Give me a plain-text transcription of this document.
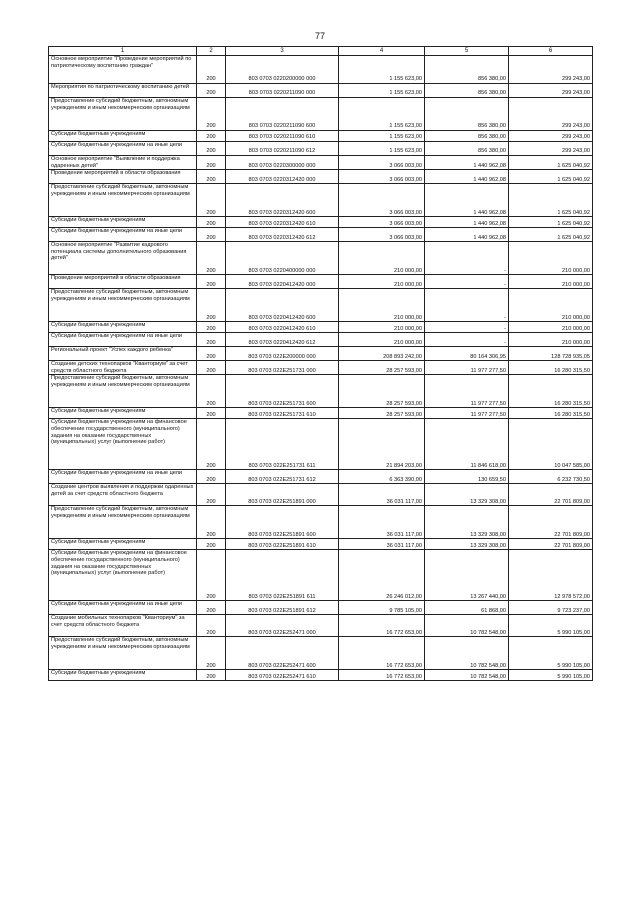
77
1	2	3	4	5	6
Основное мероприятие "Проведение мероприятий по патриотическому воспитанию граждан"	200	803 0703 0220200000 000	1 155 623,00	856 380,00	299 243,00
Мероприятия по патриотическому воспитанию детей	200	803 0703 0220211090 000	1 155 623,00	856 380,00	299 243,00
Предоставление субсидий бюджетным, автономным учреждениям и иным некоммерческим организациям	200	803 0703 0220211090 600	1 155 623,00	856 380,00	299 243,00
Субсидии бюджетным учреждениям	200	803 0703 0220211090 610	1 155 623,00	856 380,00	299 243,00
Субсидии бюджетным учреждениям на иные цели	200	803 0703 0220211090 612	1 155 623,00	856 380,00	299 243,00
Основное мероприятие "Выявление и поддержка одаренных детей"	200	803 0703 0220300000 000	3 066 003,00	1 440 962,08	1 625 040,92
Проведение мероприятий в области образования	200	803 0703 0220312420 000	3 066 003,00	1 440 962,08	1 625 040,92
Предоставление субсидий бюджетным, автономным учреждениям и иным некоммерческим организациям	200	803 0703 0220312420 600	3 066 003,00	1 440 962,08	1 625 040,92
Субсидии бюджетным учреждениям	200	803 0703 0220312420 610	3 066 003,00	1 440 962,08	1 625 040,92
Субсидии бюджетным учреждениям на иные цели	200	803 0703 0220312420 612	3 066 003,00	1 440 962,08	1 625 040,92
Основное мероприятие "Развитие кадрового потенциала системы дополнительного образования детей"	200	803 0703 0220400000 000	210 000,00	-	210 000,00
Проведение мероприятий в области образования	200	803 0703 0220412420 000	210 000,00	-	210 000,00
Предоставление субсидий бюджетным, автономным учреждениям и иным некоммерческим организациям	200	803 0703 0220412420 600	210 000,00	-	210 000,00
Субсидии бюджетным учреждениям	200	803 0703 0220412420 610	210 000,00	-	210 000,00
Субсидии бюджетным учреждениям на иные цели	200	803 0703 0220412420 612	210 000,00	-	210 000,00
Региональный проект "Успех каждого ребенка"	200	803 0703 022E200000 000	208 893 242,00	80 164 306,95	128 728 935,05
Создание детских технопарков "Кванториум" за счет средств областного бюджета	200	803 0703 022E251731 000	28 257 593,00	11 977 277,50	16 280 315,50
Предоставление субсидий бюджетным, автономным учреждениям и иным некоммерческим организациям	200	803 0703 022E251731 600	28 257 593,00	11 977 277,50	16 280 315,50
Субсидии бюджетным учреждениям	200	803 0703 022E251731 610	28 257 593,00	11 977 277,50	16 280 315,50
Субсидии бюджетным учреждениям на финансовое обеспечение государственного (муниципального) задания на оказание государственных (муниципальных) услуг (выполнение работ)	200	803 0703 022E251731 611	21 894 203,00	11 846 618,00	10 047 585,00
Субсидии бюджетным учреждениям на иные цели	200	803 0703 022E251731 612	6 363 390,00	130 659,50	6 232 730,50
Создание центров выявления и поддержки одаренных детей за счет средств областного бюджета	200	803 0703 022E251891 000	36 031 117,00	13 329 308,00	22 701 809,00
Предоставление субсидий бюджетным, автономным учреждениям и иным некоммерческим организациям	200	803 0703 022E251891 600	36 031 117,00	13 329 308,00	22 701 809,00
Субсидии бюджетным учреждениям	200	803 0703 022E251891 610	36 031 117,00	13 329 308,00	22 701 809,00
Субсидии бюджетным учреждениям на финансовое обеспечение государственного (муниципального) задания на оказание государственных (муниципальных) услуг (выполнение работ)	200	803 0703 022E251891 611	26 246 012,00	13 267 440,00	12 978 572,00
Субсидии бюджетным учреждениям на иные цели	200	803 0703 022E251891 612	9 785 105,00	61 868,00	9 723 237,00
Создание мобильных технопарков "Кванториум" за счет средств областного бюджета	200	803 0703 022E252471 000	16 772 653,00	10 782 548,00	5 990 105,00
Предоставление субсидий бюджетным, автономным учреждениям и иным некоммерческим организациям	200	803 0703 022E252471 600	16 772 653,00	10 782 548,00	5 990 105,00
Субсидии бюджетным учреждениям	200	803 0703 022E252471 610	16 772 653,00	10 782 548,00	5 990 105,00
